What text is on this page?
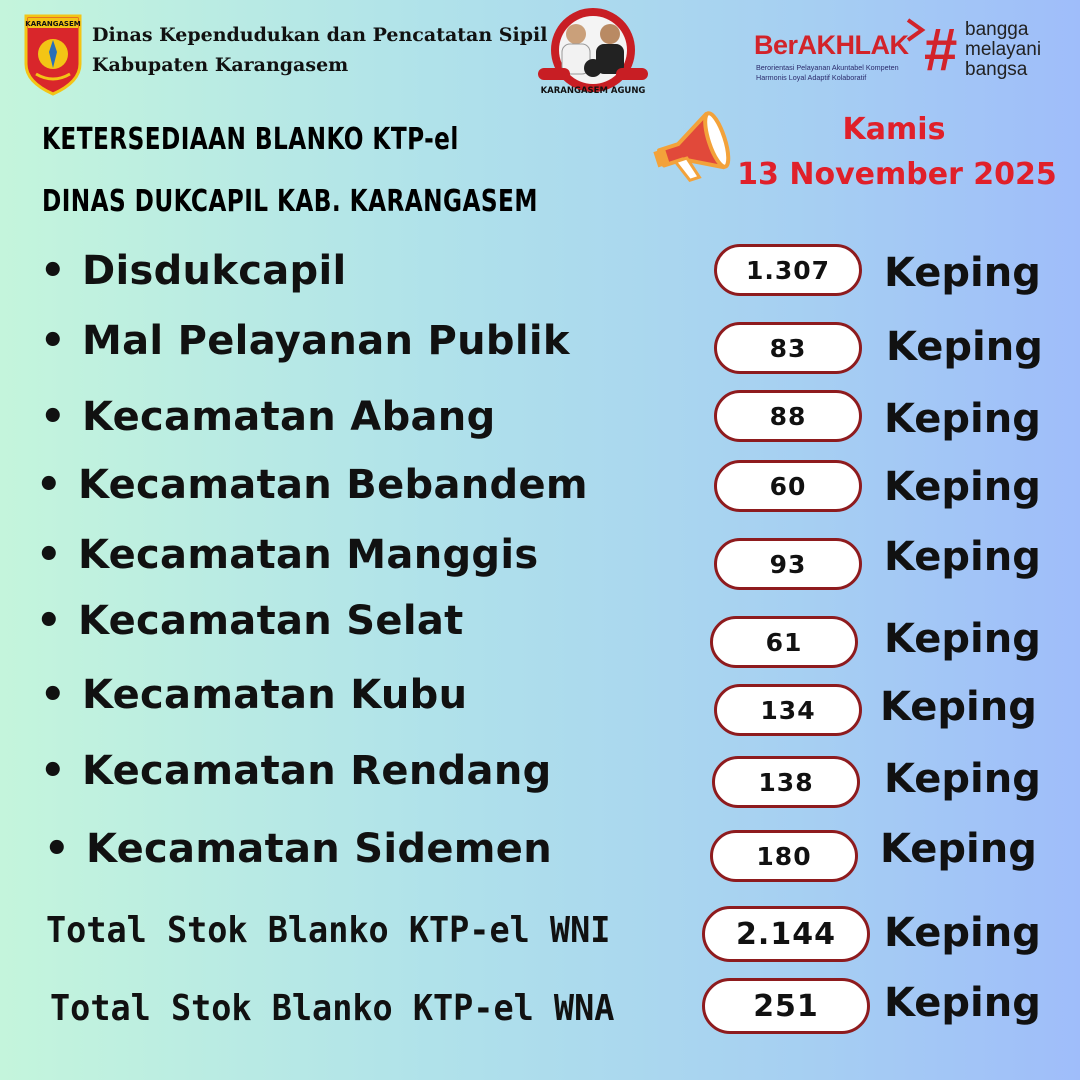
KARANGASEM Dinas Kependudukan dan Pencatatan Sipil
Kabupaten Karangasem
KARANGASEM AGUNG
BerAKHLAK
Berorientasi Pelayanan Akuntabel Kompeten
Harmonis Loyal Adaptif Kolaboratif # bangga
melayani
bangsa
KETERSEDIAAN BLANKO KTP-el
DINAS DUKCAPIL KAB. KARANGASEM
Kamis
13 November 2025
• Disdukcapil	1.307	Keping
• Mal Pelayanan Publik	83	Keping
• Kecamatan Abang	88	Keping
• Kecamatan Bebandem	60	Keping
• Kecamatan Manggis	93	Keping
• Kecamatan Selat	61	Keping
• Kecamatan Kubu	134	Keping
• Kecamatan Rendang	138	Keping
• Kecamatan Sidemen	180	Keping
Total Stok Blanko KTP-el WNI	2.144	Keping
Total Stok Blanko KTP-el WNA	251	Keping
